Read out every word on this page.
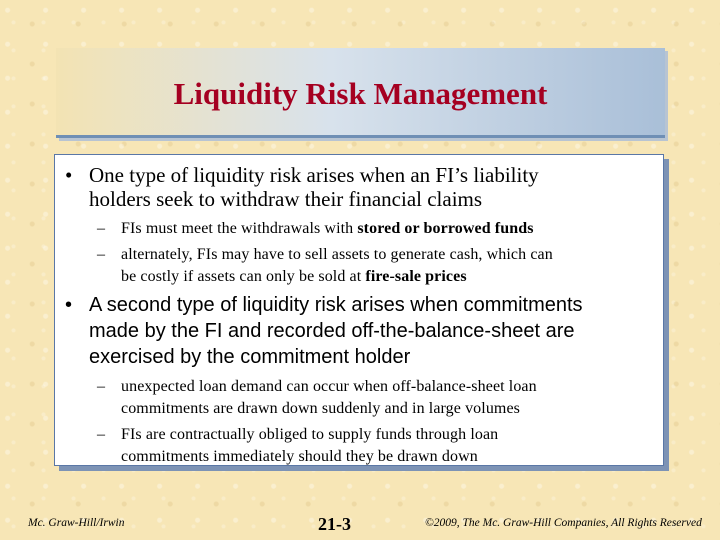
Liquidity Risk Management
• One type of liquidity risk arises when an FI’s liability
holders seek to withdraw their financial claims
– FIs must meet the withdrawals with stored or borrowed funds
– alternately, FIs may have to sell assets to generate cash, which can
be costly if assets can only be sold at fire-sale prices
• A second type of liquidity risk arises when commitments
made by the FI and recorded off-the-balance-sheet are
exercised by the commitment holder
– unexpected loan demand can occur when off-balance-sheet loan
commitments are drawn down suddenly and in large volumes
– FIs are contractually obliged to supply funds through loan
commitments immediately should they be drawn down
Mc. Graw-Hill/Irwin	21-3	©2009, The Mc. Graw-Hill Companies, All Rights Reserved
